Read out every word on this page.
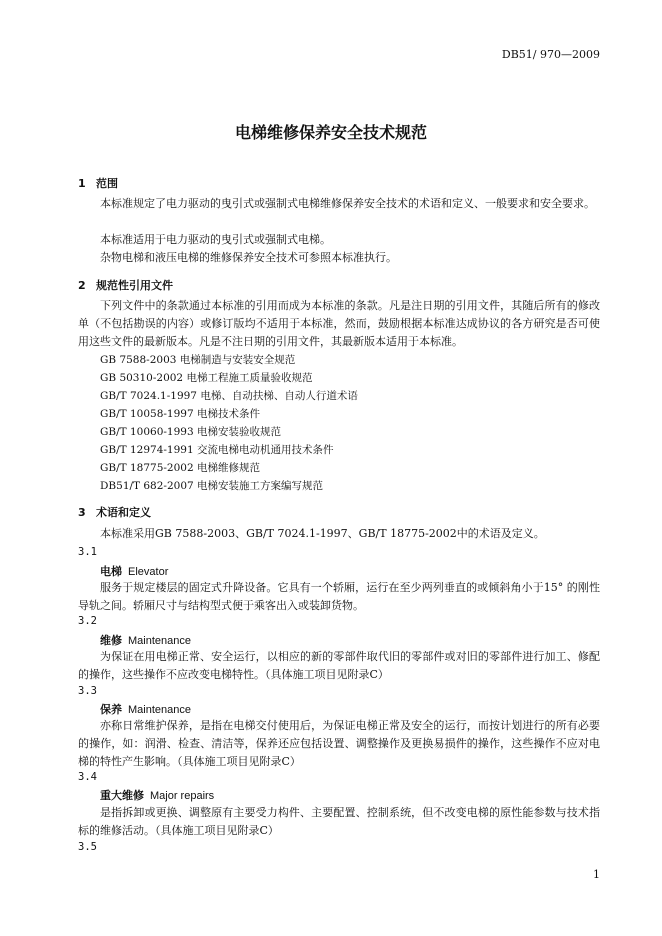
DB51/ 970—2009
电梯维修保养安全技术规范
1 范围
本标准规定了电力驱动的曳引式或强制式电梯维修保养安全技术的术语和定义、一般要求和安全要求。
本标准适用于电力驱动的曳引式或强制式电梯。
杂物电梯和液压电梯的维修保养安全技术可参照本标准执行。
2 规范性引用文件
下列文件中的条款通过本标准的引用而成为本标准的条款。凡是注日期的引用文件，其随后所有的修改单（不包括勘误的内容）或修订版均不适用于本标准，然而，鼓励根据本标准达成协议的各方研究是否可使用这些文件的最新版本。凡是不注日期的引用文件，其最新版本适用于本标准。
GB 7588-2003 电梯制造与安装安全规范
GB 50310-2002 电梯工程施工质量验收规范
GB/T 7024.1-1997 电梯、自动扶梯、自动人行道术语
GB/T 10058-1997 电梯技术条件
GB/T 10060-1993 电梯安装验收规范
GB/T 12974-1991 交流电梯电动机通用技术条件
GB/T 18775-2002 电梯维修规范
DB51/T 682-2007 电梯安装施工方案编写规范
3 术语和定义
本标准采用GB 7588-2003、GB/T 7024.1-1997、GB/T 18775-2002中的术语及定义。
3.1
电梯 Elevator
服务于规定楼层的固定式升降设备。它具有一个轿厢，运行在至少两列垂直的或倾斜角小于15° 的刚性导轨之间。轿厢尺寸与结构型式便于乘客出入或装卸货物。
3.2
维修 Maintenance
为保证在用电梯正常、安全运行，以相应的新的零部件取代旧的零部件或对旧的零部件进行加工、修配的操作，这些操作不应改变电梯特性。（具体施工项目见附录C）
3.3
保养 Maintenance
亦称日常维护保养，是指在电梯交付使用后，为保证电梯正常及安全的运行，而按计划进行的所有必要的操作，如：润滑、检查、清洁等，保养还应包括设置、调整操作及更换易损件的操作，这些操作不应对电梯的特性产生影响。（具体施工项目见附录C）
3.4
重大维修 Major repairs
是指拆卸或更换、调整原有主要受力构件、主要配置、控制系统，但不改变电梯的原性能参数与技术指标的维修活动。（具体施工项目见附录C）
3.5
1
